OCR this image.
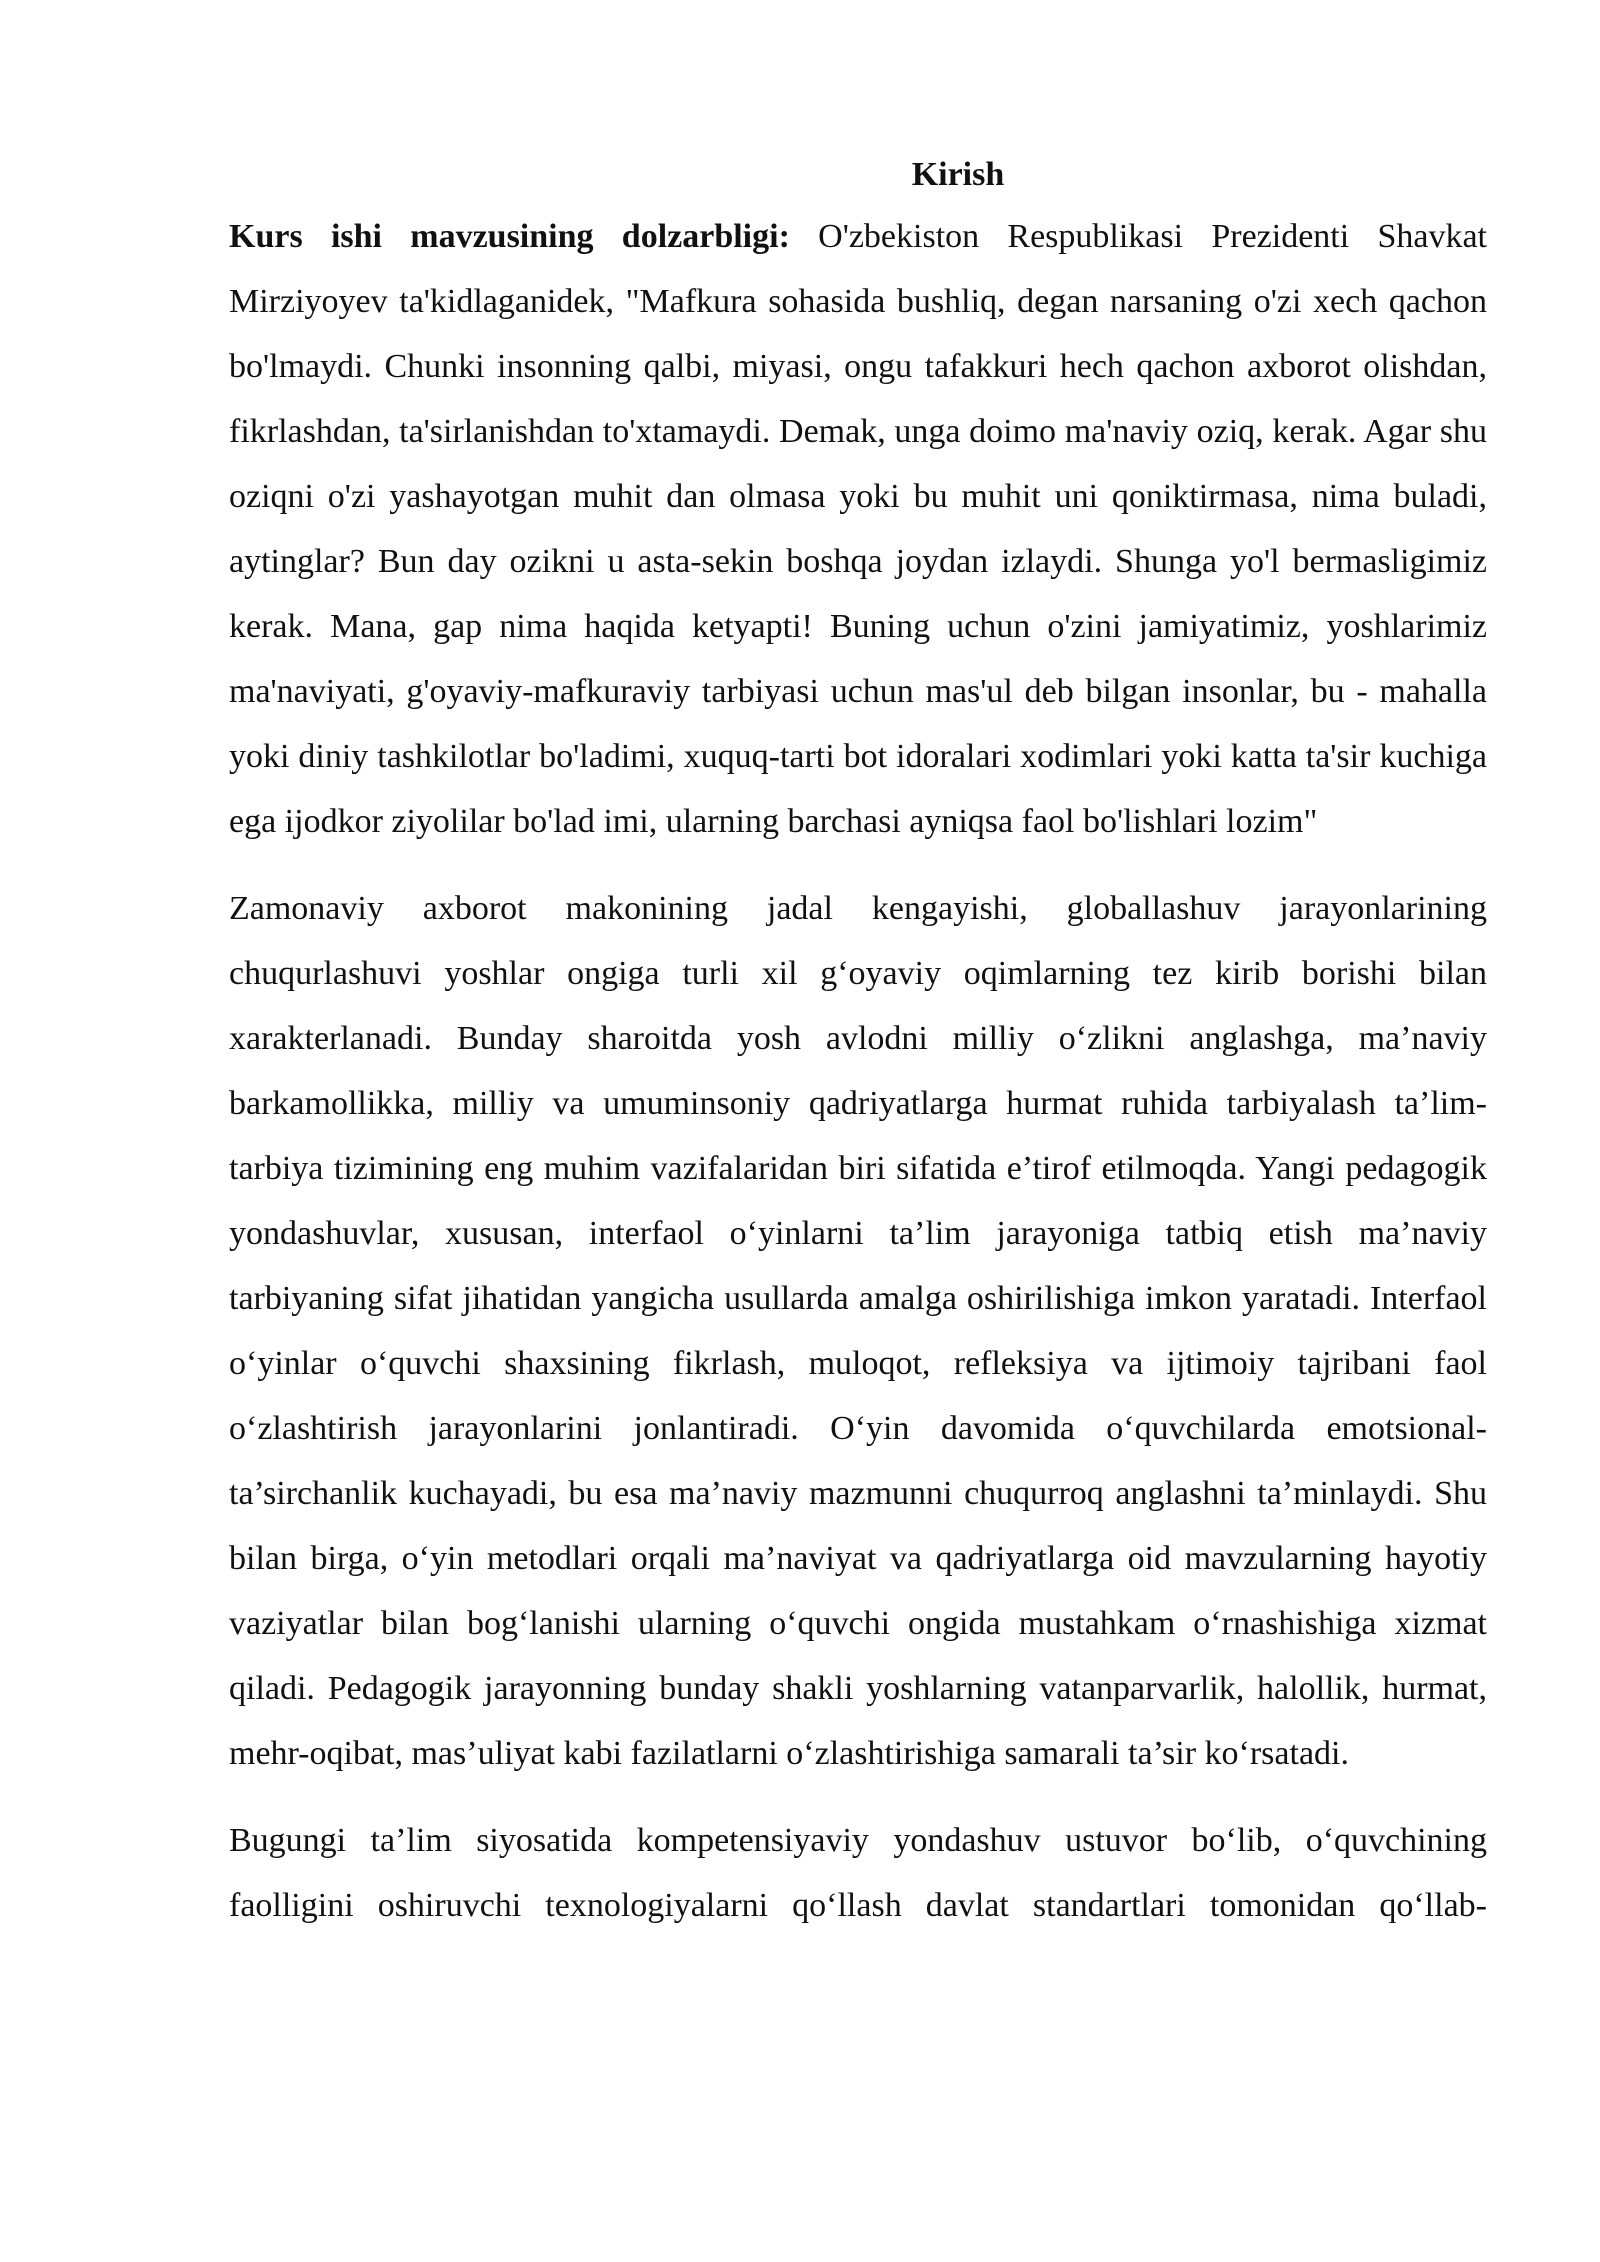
Kirish

Kurs ishi mavzusining dolzarbligi: O'zbekiston Respublikasi Prezidenti Shavkat Mirziyoyev ta'kidlaganidek, "Mafkura sohasida bushliq, degan narsaning o'zi xech qachon bo'lmaydi. Chunki insonning qalbi, miyasi, ongu tafakkuri hech qachon axborot olishdan, fikrlashdan, ta'sirlanishdan to'xtamaydi. Demak, unga doimo ma'naviy oziq, kerak. Agar shu oziqni o'zi yashayotgan muhit dan olmasa yoki bu muhit uni qoniktirmasa, nima buladi, aytinglar? Bun day ozikni u asta-sekin boshqa joydan izlaydi. Shunga yo'l bermasligimiz kerak. Mana, gap nima haqida ketyapti! Buning uchun o'zini jamiyatimiz, yoshlarimiz ma'naviyati, g'oyaviy-mafkuraviy tarbiyasi uchun mas'ul deb bilgan insonlar, bu - mahalla yoki diniy tashkilotlar bo'ladimi, xuquq-tarti bot idoralari xodimlari yoki katta ta'sir kuchiga ega ijodkor ziyolilar bo'lad imi, ularning barchasi ayniqsa faol bo'lishlari lozim"

Zamonaviy axborot makonining jadal kengayishi, globallashuv jarayonlarining chuqurlashuvi yoshlar ongiga turli xil g‘oyaviy oqimlarning tez kirib borishi bilan xarakterlanadi. Bunday sharoitda yosh avlodni milliy o‘zlikni anglashga, ma’naviy barkamollikka, milliy va umuminsoniy qadriyatlarga hurmat ruhida tarbiyalash ta’lim-tarbiya tizimining eng muhim vazifalaridan biri sifatida e’tirof etilmoqda. Yangi pedagogik yondashuvlar, xususan, interfaol o‘yinlarni ta’lim jarayoniga tatbiq etish ma’naviy tarbiyaning sifat jihatidan yangicha usullarda amalga oshirilishiga imkon yaratadi. Interfaol o‘yinlar o‘quvchi shaxsining fikrlash, muloqot, refleksiya va ijtimoiy tajribani faol o‘zlashtirish jarayonlarini jonlantiradi. O‘yin davomida o‘quvchilarda emotsional-ta’sirchanlik kuchayadi, bu esa ma’naviy mazmunni chuqurroq anglashni ta’minlaydi. Shu bilan birga, o‘yin metodlari orqali ma’naviyat va qadriyatlarga oid mavzularning hayotiy vaziyatlar bilan bog‘lanishi ularning o‘quvchi ongida mustahkam o‘rnashishiga xizmat qiladi. Pedagogik jarayonning bunday shakli yoshlarning vatanparvarlik, halollik, hurmat, mehr-oqibat, mas’uliyat kabi fazilatlarni o‘zlashtirishiga samarali ta’sir ko‘rsatadi.

Bugungi ta’lim siyosatida kompetensiyaviy yondashuv ustuvor bo‘lib, o‘quvchining faolligini oshiruvchi texnologiyalarni qo‘llash davlat standartlari tomonidan qo‘llab-
